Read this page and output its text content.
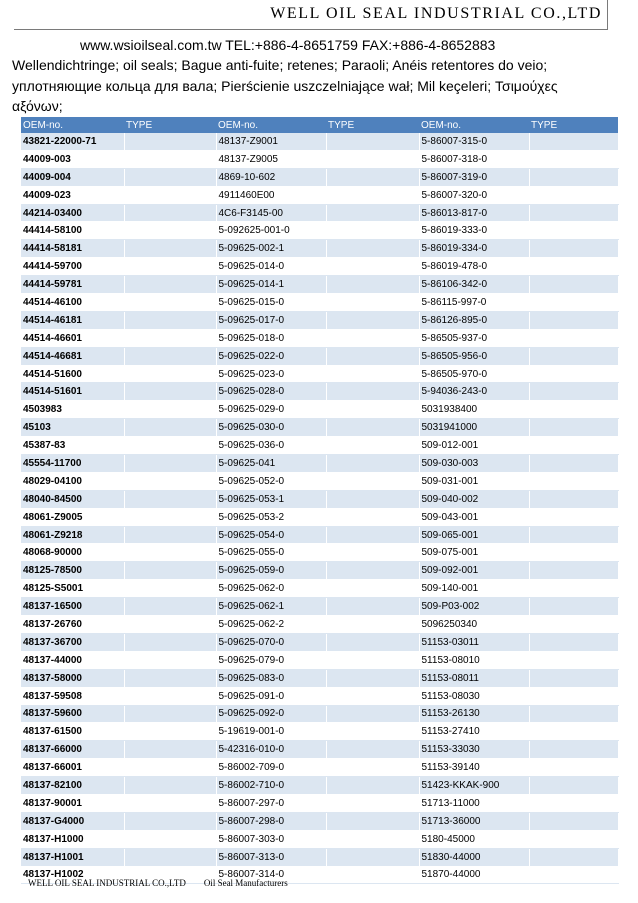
WELL OIL SEAL INDUSTRIAL CO.,LTD
www.wsioilseal.com.tw TEL:+886-4-8651759 FAX:+886-4-8652883
Wellendichtringe; oil seals; Bague anti-fuite; retenes; Paraoli; Anéis retentores do veio; уплотняющие кольца для вала; Pierścienie uszczelniające wał; Mil keçeleri; Τσιμούχες αξόνων;
OEM-no.	TYPE	OEM-no.	TYPE	OEM-no.	TYPE
43821-22000-71		48137-Z9001		5-86007-315-0	
44009-003		48137-Z9005		5-86007-318-0	
44009-004		4869-10-602		5-86007-319-0	
44009-023		4911460E00		5-86007-320-0	
44214-03400		4C6-F3145-00		5-86013-817-0	
44414-58100		5-092625-001-0		5-86019-333-0	
44414-58181		5-09625-002-1		5-86019-334-0	
44414-59700		5-09625-014-0		5-86019-478-0	
44414-59781		5-09625-014-1		5-86106-342-0	
44514-46100		5-09625-015-0		5-86115-997-0	
44514-46181		5-09625-017-0		5-86126-895-0	
44514-46601		5-09625-018-0		5-86505-937-0	
44514-46681		5-09625-022-0		5-86505-956-0	
44514-51600		5-09625-023-0		5-86505-970-0	
44514-51601		5-09625-028-0		5-94036-243-0	
4503983		5-09625-029-0		5031938400	
45103		5-09625-030-0		5031941000	
45387-83		5-09625-036-0		509-012-001	
45554-11700		5-09625-041		509-030-003	
48029-04100		5-09625-052-0		509-031-001	
48040-84500		5-09625-053-1		509-040-002	
48061-Z9005		5-09625-053-2		509-043-001	
48061-Z9218		5-09625-054-0		509-065-001	
48068-90000		5-09625-055-0		509-075-001	
48125-78500		5-09625-059-0		509-092-001	
48125-S5001		5-09625-062-0		509-140-001	
48137-16500		5-09625-062-1		509-P03-002	
48137-26760		5-09625-062-2		5096250340	
48137-36700		5-09625-070-0		51153-03011	
48137-44000		5-09625-079-0		51153-08010	
48137-58000		5-09625-083-0		51153-08011	
48137-59508		5-09625-091-0		51153-08030	
48137-59600		5-09625-092-0		51153-26130	
48137-61500		5-19619-001-0		51153-27410	
48137-66000		5-42316-010-0		51153-33030	
48137-66001		5-86002-709-0		51153-39140	
48137-82100		5-86002-710-0		51423-KKAK-900	
48137-90001		5-86007-297-0		51713-11000	
48137-G4000		5-86007-298-0		51713-36000	
48137-H1000		5-86007-303-0		5180-45000	
48137-H1001		5-86007-313-0		51830-44000	
48137-H1002		5-86007-314-0		51870-44000	
WELL OIL SEAL INDUSTRIAL CO.,LTD Oil Seal Manufacturers
